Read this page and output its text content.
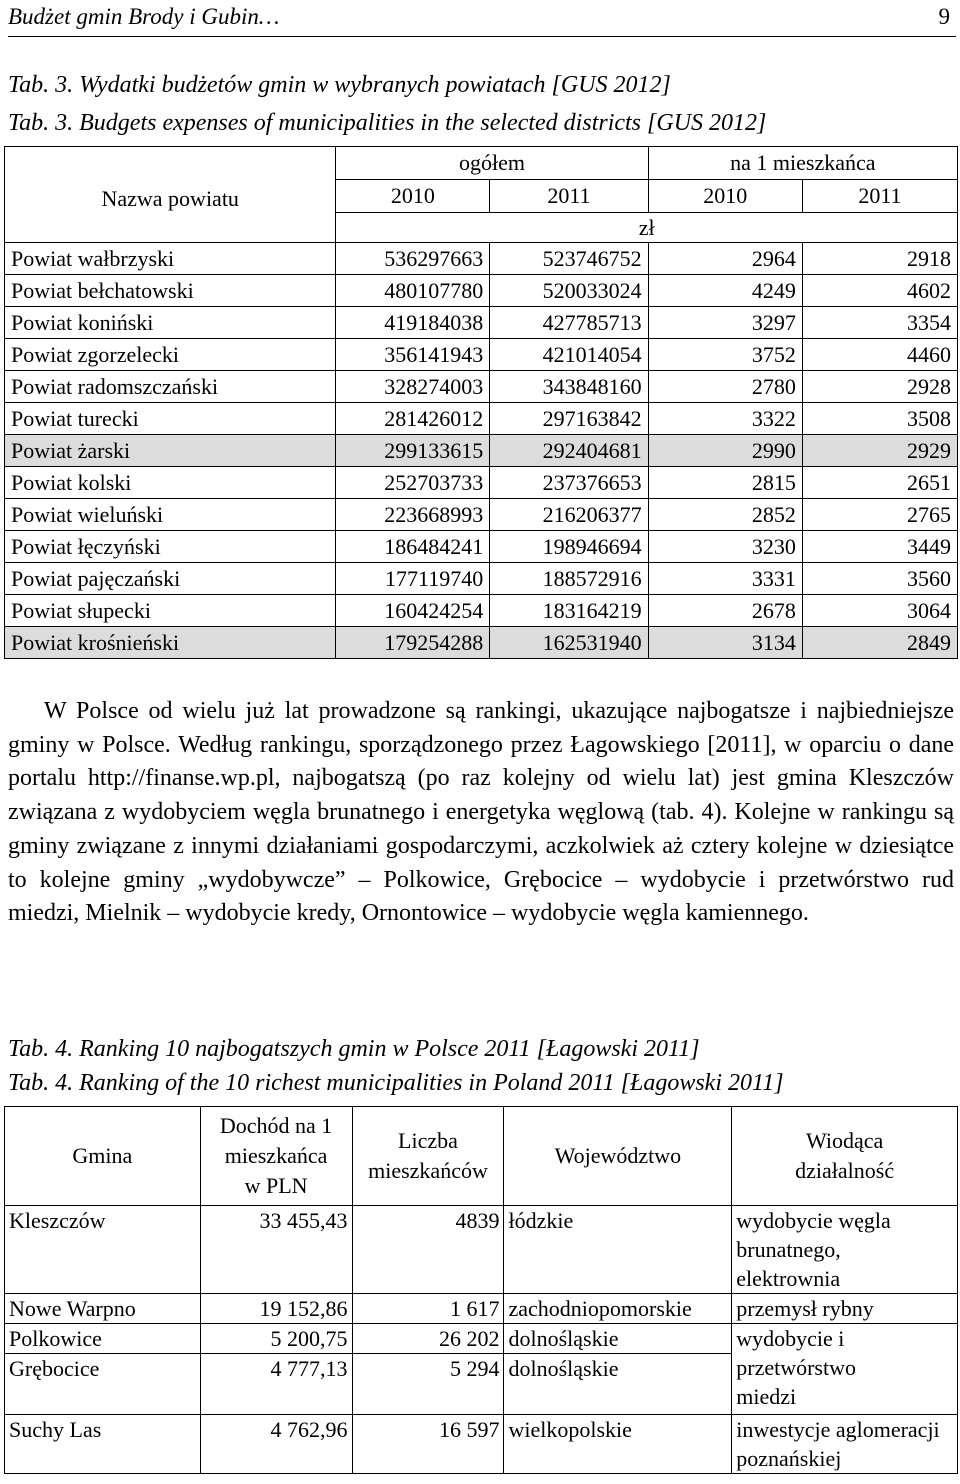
Budżet gmin Brody i Gubin…	9
Tab. 3. Wydatki budżetów gmin w wybranych powiatach [GUS 2012]
Tab. 3. Budgets expenses of municipalities in the selected districts [GUS 2012]
Nazwa powiatu	ogółem		na 1 mieszkańca	
	2010	2011	2010	2011
	zł			
Powiat wałbrzyski	536297663	523746752	2964	2918
Powiat bełchatowski	480107780	520033024	4249	4602
Powiat koniński	419184038	427785713	3297	3354
Powiat zgorzelecki	356141943	421014054	3752	4460
Powiat radomszczański	328274003	343848160	2780	2928
Powiat turecki	281426012	297163842	3322	3508
Powiat żarski	299133615	292404681	2990	2929
Powiat kolski	252703733	237376653	2815	2651
Powiat wieluński	223668993	216206377	2852	2765
Powiat łęczyński	186484241	198946694	3230	3449
Powiat pajęczański	177119740	188572916	3331	3560
Powiat słupecki	160424254	183164219	2678	3064
Powiat krośnieński	179254288	162531940	3134	2849

W Polsce od wielu już lat prowadzone są rankingi, ukazujące najbogatsze i najbiedniejsze gminy w Polsce. Według rankingu, sporządzonego przez Łagowskiego [2011], w oparciu o dane portalu http://finanse.wp.pl, najbogatszą (po raz kolejny od wielu lat) jest gmina Kleszczów związana z wydobyciem węgla brunatnego i energetyka węglową (tab. 4). Kolejne w rankingu są gminy związane z innymi działaniami gospodarczymi, aczkolwiek aż cztery kolejne w dziesiątce to kolejne gminy „wydobywcze” – Polkowice, Grębocice – wydobycie i przetwórstwo rud miedzi, Mielnik – wydobycie kredy, Ornontowice – wydobycie węgla kamiennego.

Tab. 4. Ranking 10 najbogatszych gmin w Polsce 2011 [Łagowski 2011]
Tab. 4. Ranking of the 10 richest municipalities in Poland 2011 [Łagowski 2011]
Gmina	Dochód na 1 mieszkańca w PLN	Liczba mieszkańców	Województwo	Wiodąca działalność
Kleszczów	33 455,43	4839	łódzkie	wydobycie węgla brunatnego, elektrownia
Nowe Warpno	19 152,86	1 617	zachodniopomorskie	przemysł rybny
Polkowice	5 200,75	26 202	dolnośląskie	wydobycie i przetwórstwo miedzi
Grębocice	4 777,13	5 294	dolnośląskie	
Suchy Las	4 762,96	16 597	wielkopolskie	inwestycje aglomeracji poznańskiej
